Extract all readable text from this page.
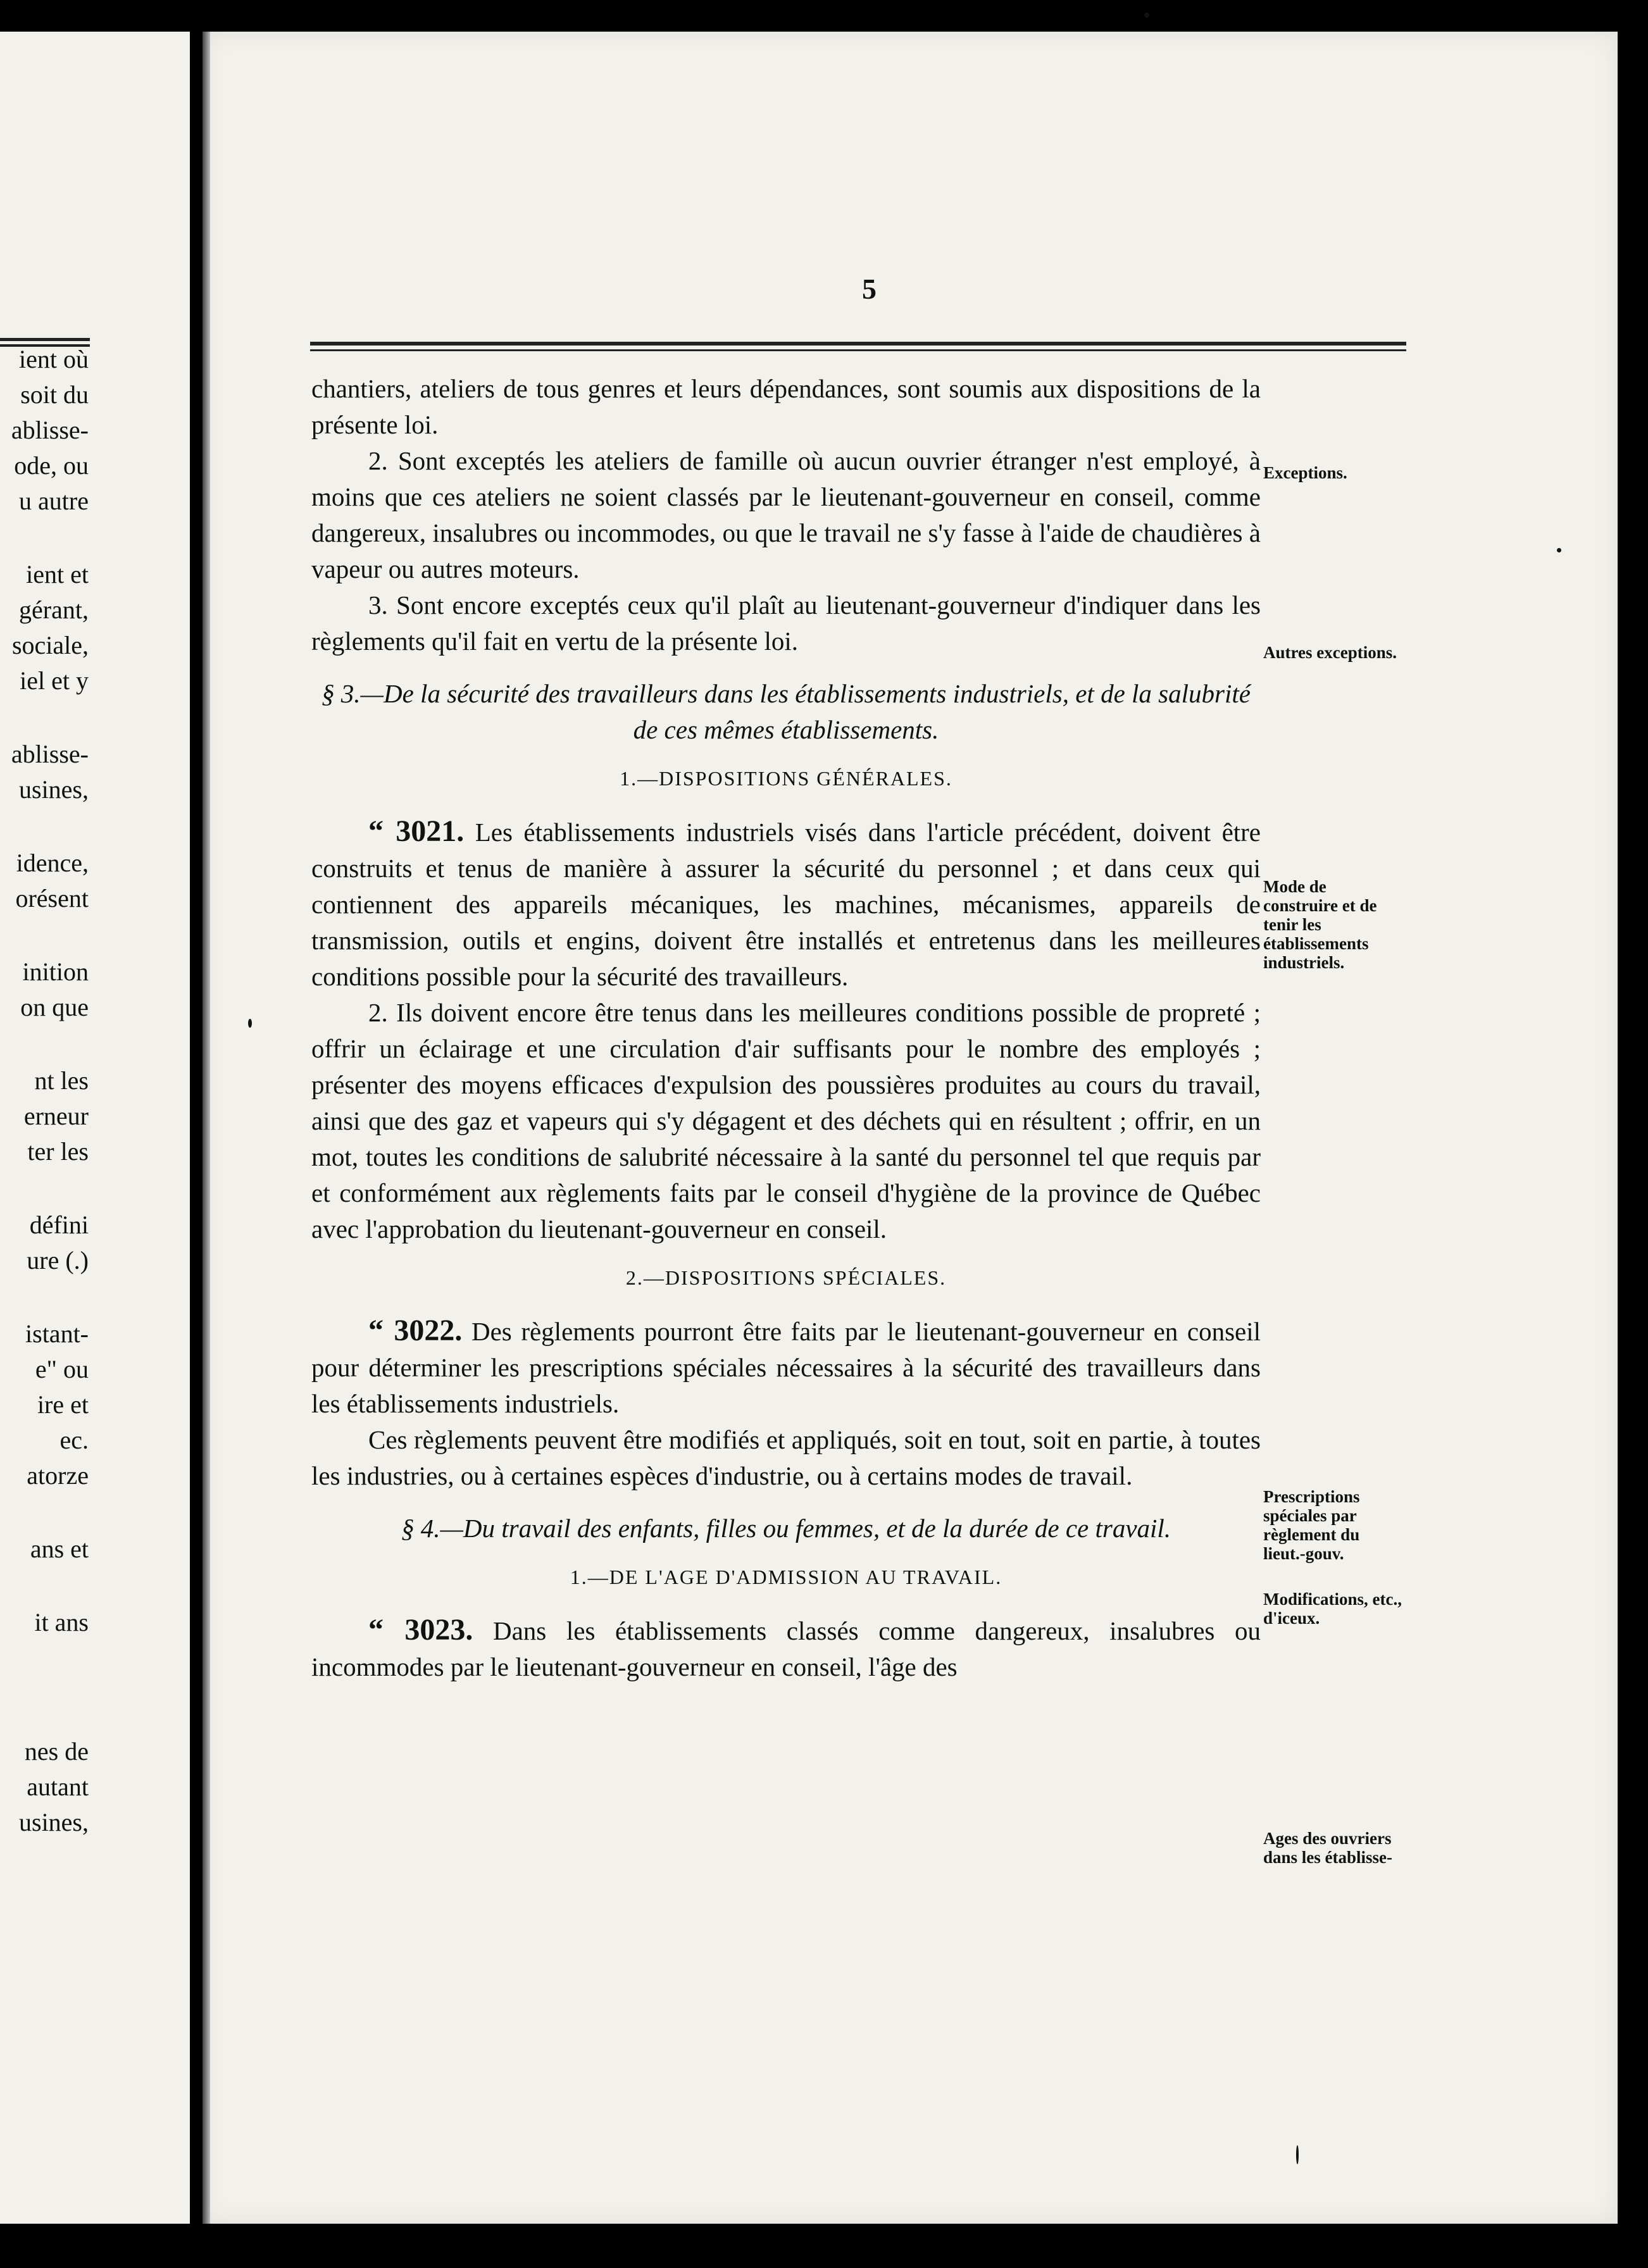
ient où
soit du
ablisse-
ode, ou
u autre
ient et
gérant,
sociale,
iel et y
ablisse-
usines,
idence,
orésent
inition
on que
nt les
erneur
ter les
défini
ure (.)
istant-
e" ou
ire et
ec.
atorze
ans et
it ans
nes de
autant
usines,
5

chantiers, ateliers de tous genres et leurs dépendances, sont soumis aux dispositions de la présente loi.

2. Sont exceptés les ateliers de famille où aucun ouvrier étranger n'est employé, à moins que ces ateliers ne soient classés par le lieutenant-gouverneur en conseil, comme dangereux, insalubres ou incommodes, ou que le travail ne s'y fasse à l'aide de chaudières à vapeur ou autres moteurs.

3. Sont encore exceptés ceux qu'il plaît au lieutenant-gouverneur d'indiquer dans les règlements qu'il fait en vertu de la présente loi.

§ 3.—De la sécurité des travailleurs dans les établissements industriels, et de la salubrité de ces mêmes établissements.

1.—DISPOSITIONS GÉNÉRALES.

“ 3021. Les établissements industriels visés dans l'article précédent, doivent être construits et tenus de manière à assurer la sécurité du personnel ; et dans ceux qui contiennent des appareils mécaniques, les machines, mécanismes, appareils de transmission, outils et engins, doivent être installés et entretenus dans les meilleures conditions possible pour la sécurité des travailleurs.

2. Ils doivent encore être tenus dans les meilleures conditions possible de propreté ; offrir un éclairage et une circulation d'air suffisants pour le nombre des employés ; présenter des moyens efficaces d'expulsion des poussières produites au cours du travail, ainsi que des gaz et vapeurs qui s'y dégagent et des déchets qui en résultent ; offrir, en un mot, toutes les conditions de salubrité nécessaire à la santé du personnel tel que requis par et conformément aux règlements faits par le conseil d'hygiène de la province de Québec avec l'approbation du lieutenant-gouverneur en conseil.

2.—DISPOSITIONS SPÉCIALES.

“ 3022. Des règlements pourront être faits par le lieutenant-gouverneur en conseil pour déterminer les prescriptions spéciales nécessaires à la sécurité des travailleurs dans les établissements industriels.

Ces règlements peuvent être modifiés et appliqués, soit en tout, soit en partie, à toutes les industries, ou à certaines espèces d'industrie, ou à certains modes de travail.

§ 4.—Du travail des enfants, filles ou femmes, et de la durée de ce travail.

1.—DE L'AGE D'ADMISSION AU TRAVAIL.

“ 3023. Dans les établissements classés comme dangereux, insalubres ou incommodes par le lieutenant-gouverneur en conseil, l'âge des

Exceptions.
Autres exceptions.
Mode de construire et de tenir les établissements industriels.
Prescriptions spéciales par règlement du lieut.-gouv.
Modifications, etc., d'iceux.
Ages des ouvriers dans les établisse-
